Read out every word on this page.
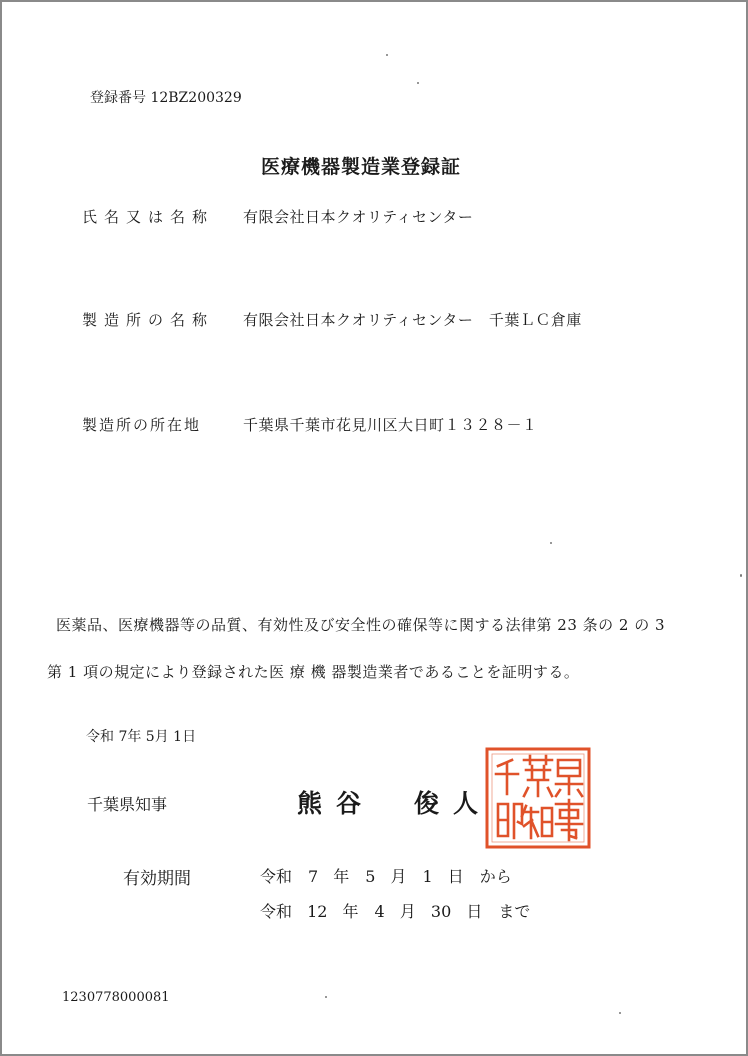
登録番号 12BZ200329
医療機器製造業登録証
氏名又は名称 有限会社日本クオリティセンター
製造所の名称 有限会社日本クオリティセンター　千葉ＬＣ倉庫
製造所の所在地	千葉県千葉市花見川区大日町１３２８－１
医薬品、医療機器等の品質、有効性及び安全性の確保等に関する法律第 23 条の 2 の 3
第 1 項の規定により登録された医 療 機 器製造業者であることを証明する。
令和 7年 5月 1日
千葉県知事	熊谷　俊人
有効期間	令和　7 年　5 月　1 日　から
令和 12 年　4 月 30 日　まで
1230778000081
